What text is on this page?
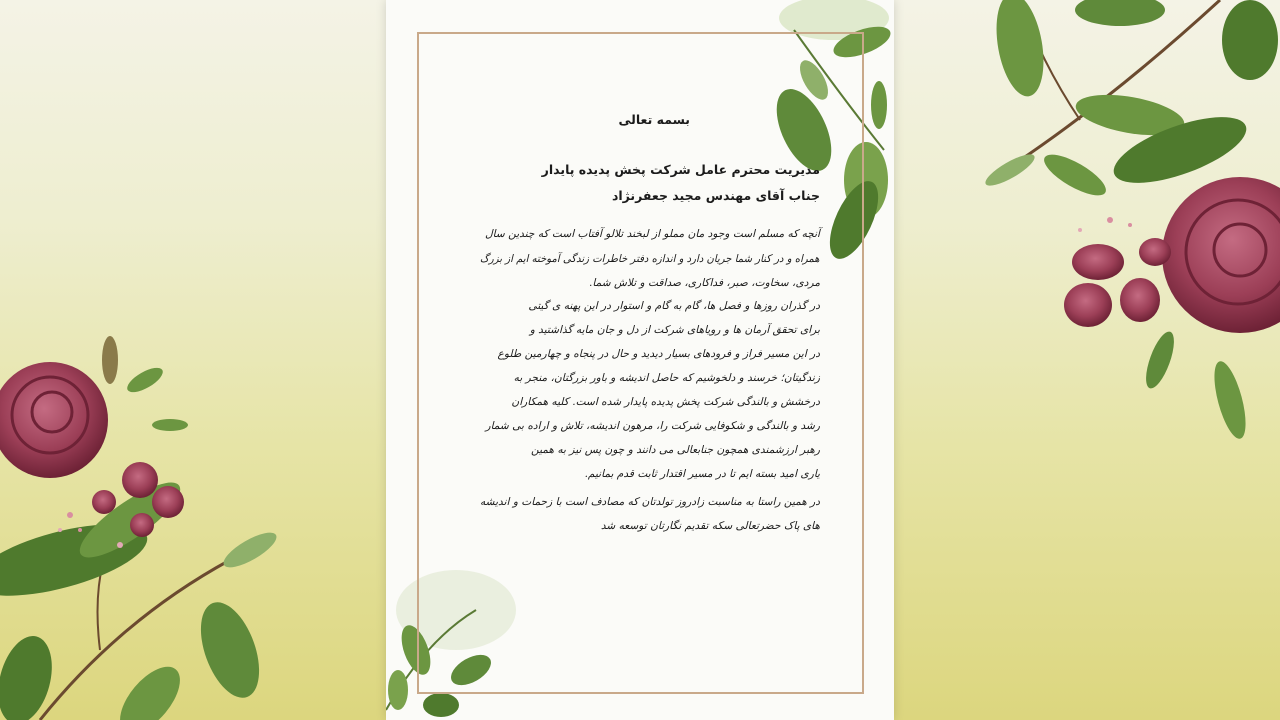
بسمه تعالی
مدیریت محترم عامل شرکت پخش پدیده پایدار
جناب آقای مهندس مجید جعفرنژاد
آنچه که مسلم است وجود مان مملو از لبخند تلالو آفتاب است که چندین سال
همراه و در کنار شما جریان دارد و اندازه دفتر خاطرات زندگی آموخته ایم از بزرگ
مردی، سخاوت، صبر، فداکاری، صداقت و تلاش شما.
در گذران روزها و فصل ها، گام به گام و استوار در این پهنه ی گیتی
برای تحقق آرمان ها و رویاهای شرکت از دل و جان مایه گذاشتید و
در این مسیر فراز و فرودهای بسیار دیدید و حال در پنجاه و چهارمین طلوع
زندگیتان؛ خرسند و دلخوشیم که حاصل اندیشه و باور بزرگتان، منجر به
درخشش و بالندگی شرکت پخش پدیده پایدار شده است. کلیه همکاران
رشد و بالندگی و شکوفایی شرکت را، مرهون اندیشه، تلاش و اراده بی شمار
رهبر ارزشمندی همچون جنابعالی می دانند و چون پس نیز به همین
یاری امید بسته ایم تا در مسیر اقتدار ثابت قدم بمانیم.
در همین راستا به مناسبت زادروز تولدتان که مصادف است با زحمات و اندیشه
های پاک حضرتعالی سکه تقدیم نگارتان توسعه شد
